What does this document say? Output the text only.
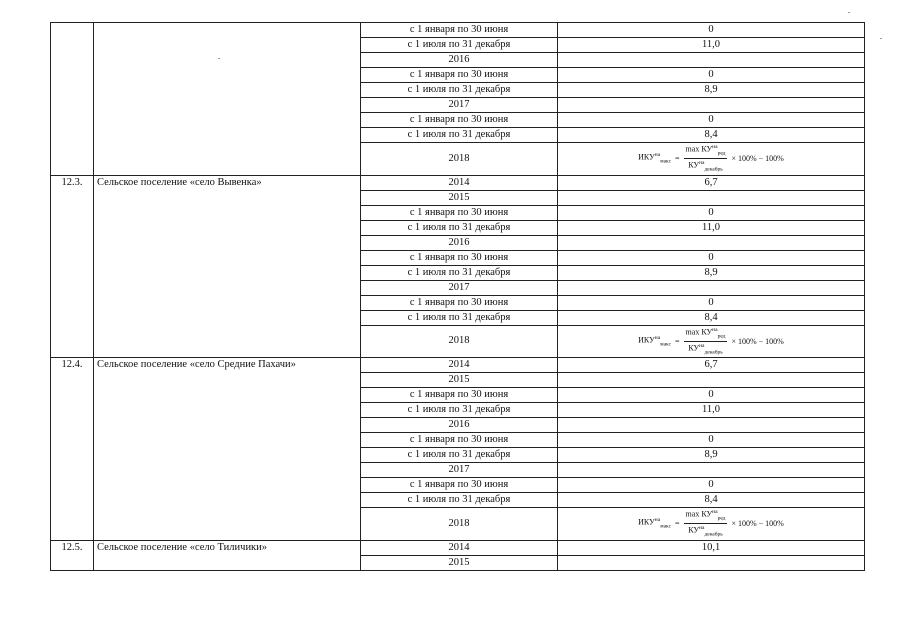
		с 1 января по 30 июня	0
		с 1 июля по 31 декабря	11,0
		2016	
		с 1 января по 30 июня	0
		с 1 июля по 31 декабря	8,9
		2017	
		с 1 января по 30 июня	0
		с 1 июля по 31 декабря	8,4
		2018	$ИКУ^{на}_{макс} = \frac{\max КУ^{на}_{ред}}{КУ^{на}_{декабрь}} \times 100\% - 100\%$

12.3.	Сельское поселение «село Вывенка»	2014	6,7
		2015	
		с 1 января по 30 июня	0
		с 1 июля по 31 декабря	11,0
		2016	
		с 1 января по 30 июня	0
		с 1 июля по 31 декабря	8,9
		2017	
		с 1 января по 30 июня	0
		с 1 июля по 31 декабря	8,4
		2018	$ИКУ^{на}_{макс} = \frac{\max КУ^{на}_{ред}}{КУ^{на}_{декабрь}} \times 100\% - 100\%$

12.4.	Сельское поселение «село Средние Пахачи»	2014	6,7
		2015	
		с 1 января по 30 июня	0
		с 1 июля по 31 декабря	11,0
		2016	
		с 1 января по 30 июня	0
		с 1 июля по 31 декабря	8,9
		2017	
		с 1 января по 30 июня	0
		с 1 июля по 31 декабря	8,4
		2018	$ИКУ^{на}_{макс} = \frac{\max КУ^{на}_{ред}}{КУ^{на}_{декабрь}} \times 100\% - 100\%$

12.5.	Сельское поселение «село Тиличики»	2014	10,1
		2015	
